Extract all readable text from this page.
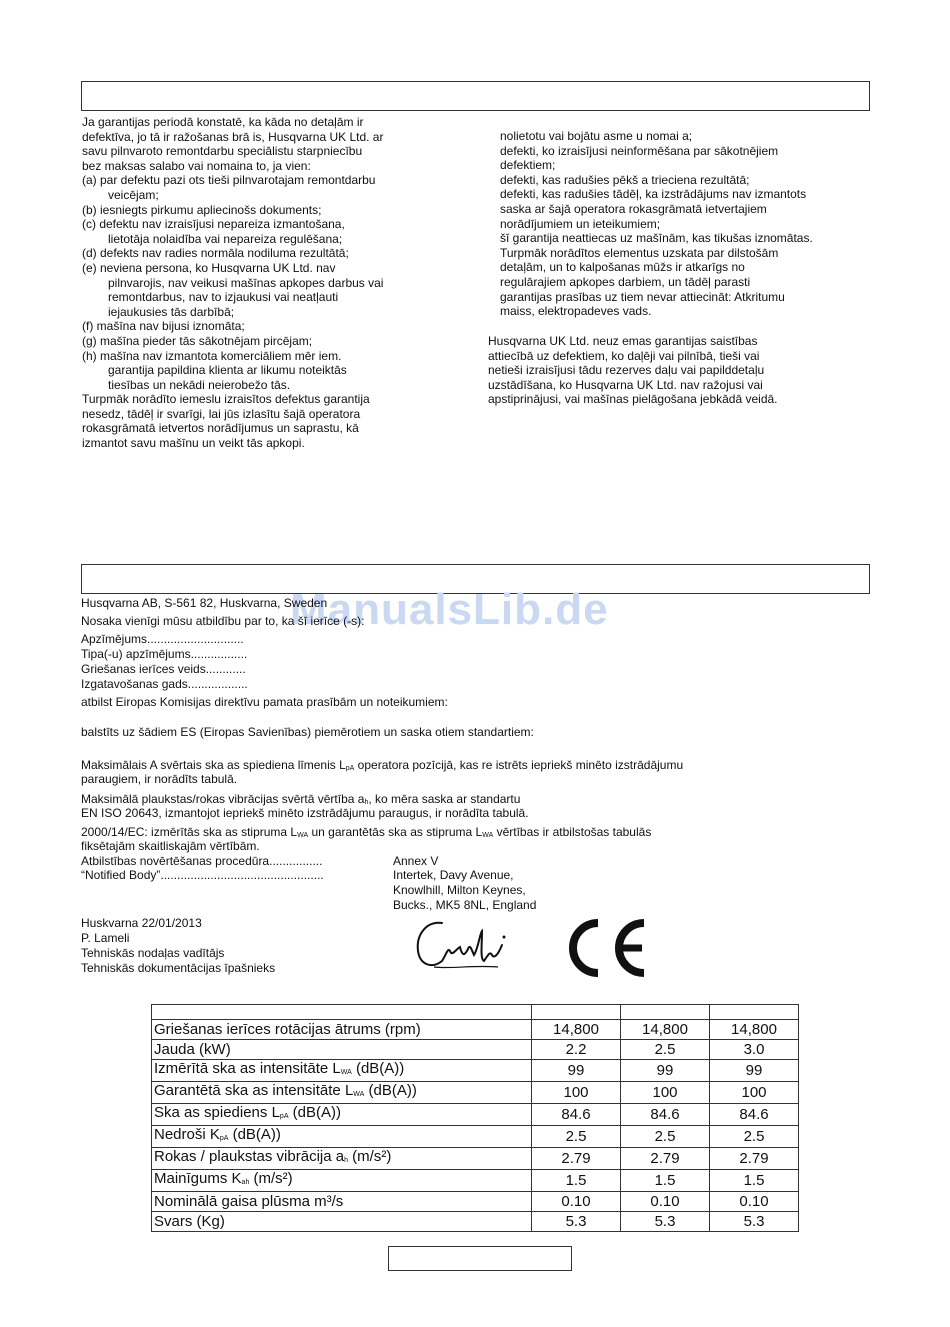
Ja garantijas periodā konstatē, ka kāda no detaļām ir
defektīva, jo tā ir ražošanas brā is, Husqvarna UK Ltd. ar
savu pilnvaroto remontdarbu speciālistu starpniecību
bez maksas salabo vai nomaina to, ja vien:
(a) par defektu pazi ots tieši pilnvarotajam remontdarbu
veicējam;
(b) iesniegts pirkumu apliecinošs dokuments;
(c) defektu nav izraisījusi nepareiza izmantošana,
lietotāja nolaidība vai nepareiza regulēšana;
(d) defekts nav radies normāla nodiluma rezultātā;
(e) neviena persona, ko Husqvarna UK Ltd. nav
pilnvarojis, nav veikusi mašīnas apkopes darbus vai
remontdarbus, nav to izjaukusi vai neatļauti
iejaukusies tās darbībā;
(f) mašīna nav bijusi iznomāta;
(g) mašīna pieder tās sākotnējam pircējam;
(h) mašīna nav izmantota komerciāliem mēr iem.
garantija papildina klienta ar likumu noteiktās
tiesības un nekādi neierobežo tās.
Turpmāk norādīto iemeslu izraisītos defektus garantija
nesedz, tādēļ ir svarīgi, lai jūs izlasītu šajā operatora
rokasgrāmatā ietvertos norādījumus un saprastu, kā
izmantot savu mašīnu un veikt tās apkopi.
nolietotu vai bojātu asme u nomai a;
defekti, ko izraisījusi neinformēšana par sākotnējiem
defektiem;
defekti, kas radušies pēkš a trieciena rezultātā;
defekti, kas radušies tādēļ, ka izstrādājums nav izmantots
saska ar šajā operatora rokasgrāmatā ietvertajiem
norādījumiem un ieteikumiem;
šī garantija neattiecas uz mašīnām, kas tikušas iznomātas.
Turpmāk norādītos elementus uzskata par dilstošām
detaļām, un to kalpošanas mūžs ir atkarīgs no
regulārajiem apkopes darbiem, un tādēļ parasti
garantijas prasības uz tiem nevar attiecināt: Atkritumu
maiss, elektropadeves vads.
Husqvarna UK Ltd. neuz emas garantijas saistības
attiecībā uz defektiem, ko daļēji vai pilnībā, tieši vai
netieši izraisījusi tādu rezerves daļu vai papilddetaļu
uzstādīšana, ko Husqvarna UK Ltd. nav ražojusi vai
apstiprinājusi, vai mašīnas pielāgošana jebkādā veidā.
ManualsLib.de
Husqvarna AB, S-561 82, Huskvarna, Sweden
Nosaka vienīgi mūsu atbildību par to, ka šī ierīce (-s):
Apzīmējums.............................
Tipa(-u) apzīmējums.................
Griešanas ierīces veids............
Izgatavošanas gads..................
atbilst Eiropas Komisijas direktīvu pamata prasībām un noteikumiem:
balstīts uz šādiem ES (Eiropas Savienības) piemērotiem un saska otiem standartiem:
Maksimālais A svērtais ska as spiediena līmenis LpA operatora pozīcijā, kas re istrēts iepriekš minēto izstrādājumu
paraugiem, ir norādīts tabulā.
Maksimālā plaukstas/rokas vibrācijas svērtā vērtība ah, ko mēra saska ar standartu
EN ISO 20643, izmantojot iepriekš minēto izstrādājumu paraugus, ir norādīta tabulā.
2000/14/EC: izmērītās ska as stipruma LWA un garantētās ska as stipruma LWA vērtības ir atbilstošas tabulās
fiksētajām skaitliskajām vērtībām.
Atbilstības novērtēšanas procedūra................	Annex V
“Notified Body”.................................................	Intertek, Davy Avenue,
Knowlhill, Milton Keynes,
Bucks., MK5 8NL, England
Huskvarna 22/01/2013
P. Lameli
Tehniskās nodaļas vadītājs
Tehniskās dokumentācijas īpašnieks

Griešanas ierīces rotācijas ātrums (rpm)	14,800	14,800	14,800
Jauda (kW)	2.2	2.5	3.0
Izmērītā ska as intensitāte LWA (dB(A))	99	99	99
Garantētā ska as intensitāte LWA (dB(A))	100	100	100
Ska as spiediens LpA (dB(A))	84.6	84.6	84.6
Nedroši KpA (dB(A))	2.5	2.5	2.5
Rokas / plaukstas vibrācija ah (m/s²)	2.79	2.79	2.79
Mainīgums Kah (m/s²)	1.5	1.5	1.5
Nominālā gaisa plūsma m³/s	0.10	0.10	0.10
Svars (Kg)	5.3	5.3	5.3
